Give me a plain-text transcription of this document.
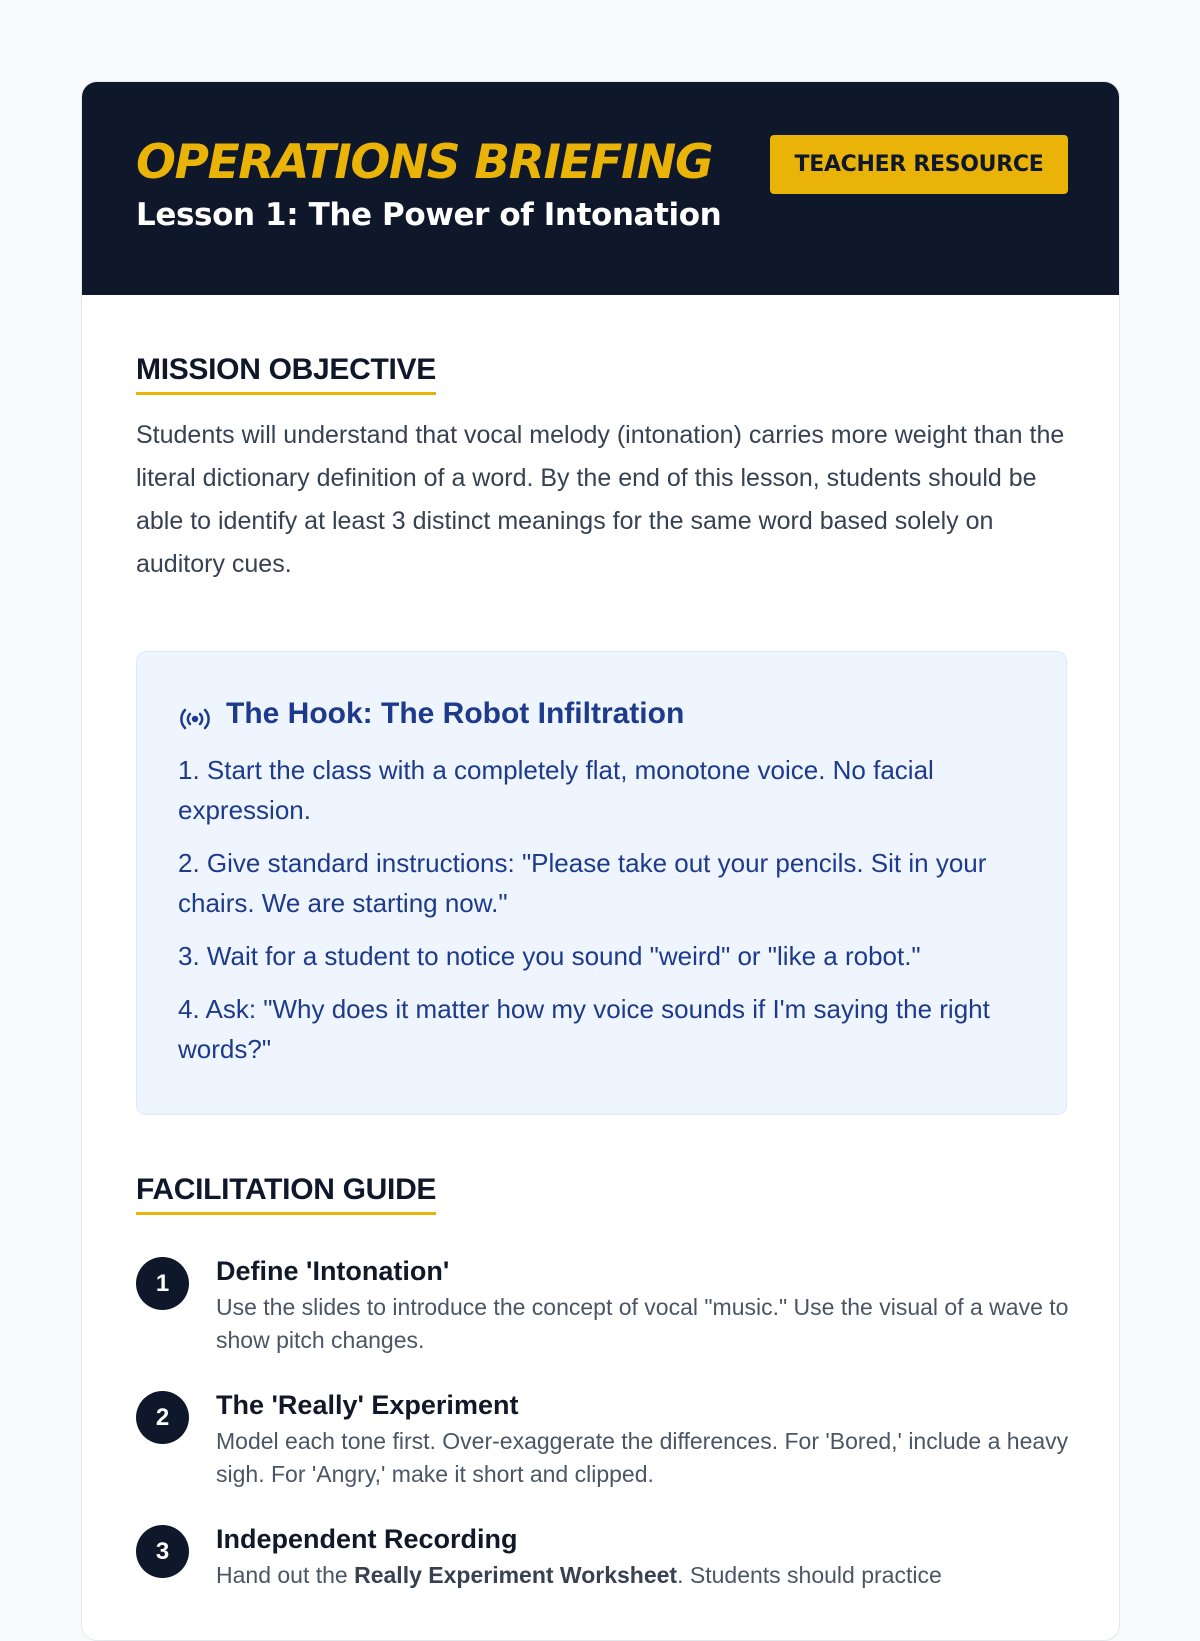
OPERATIONS BRIEFING
Lesson 1: The Power of Intonation
TEACHER RESOURCE
MISSION OBJECTIVE

Students will understand that vocal melody (intonation) carries more weight than the literal dictionary definition of a word. By the end of this lesson, students should be able to identify at least 3 distinct meanings for the same word based solely on auditory cues.

The Hook: The Robot Infiltration
1. Start the class with a completely flat, monotone voice. No facial expression.
2. Give standard instructions: "Please take out your pencils. Sit in your chairs. We are starting now."
3. Wait for a student to notice you sound "weird" or "like a robot."
4. Ask: "Why does it matter how my voice sounds if I'm saying the right words?"
FACILITATION GUIDE
1	Define 'Intonation'

Use the slides to introduce the concept of vocal "music." Use the visual of a wave to show pitch changes.

2	The 'Really' Experiment

Model each tone first. Over-exaggerate the differences. For 'Bored,' include a heavy sigh. For 'Angry,' make it short and clipped.

3	Independent Recording

Hand out the Really Experiment Worksheet. Students should practice
